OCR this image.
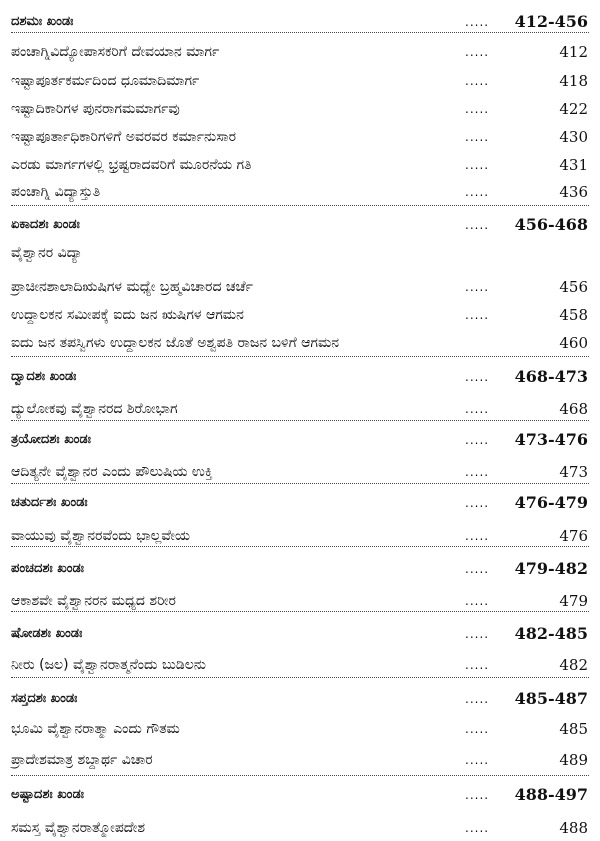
ದಶಮಃ ಖಂಡಃ	..... 412-456
ಪಂಚಾಗ್ನಿವಿದ್ಯೋಪಾಸಕರಿಗೆ ದೇವಯಾನ ಮಾರ್ಗ	.....	412
ಇಷ್ಟಾಪೂರ್ತಕರ್ಮದಿಂದ ಧೂಮಾದಿಮಾರ್ಗ	.....	418
ಇಷ್ಟಾದಿಕಾರಿಗಳ ಪುನರಾಗಮಮಾರ್ಗವು	.....	422
ಇಷ್ಟಾಪೂರ್ತಾಧಿಕಾರಿಗಳಿಗೆ ಅವರವರ ಕರ್ಮಾನುಸಾರ	.....	430
ಎರಡು ಮಾರ್ಗಗಳಲ್ಲಿ ಭ್ರಷ್ಟರಾದವರಿಗೆ ಮೂರನೆಯ ಗತಿ	.....	431
ಪಂಚಾಗ್ನಿ ವಿದ್ಯಾಸ್ತುತಿ	.....	436
ಏಕಾದಶಃ ಖಂಡಃ	..... 456-468
ವೈಶ್ವಾನರ ವಿದ್ಯಾ
ಪ್ರಾಚೀನಶಾಲಾದಿಋಷಿಗಳ ಮಧ್ಯೇ ಬ್ರಹ್ಮವಿಚಾರದ ಚರ್ಚೆ	.....	456
ಉದ್ದಾಲಕನ ಸಮೀಪಕ್ಕೆ ಐದು ಜನ ಋಷಿಗಳ ಆಗಮನ	.....	458
ಐದು ಜನ ತಪಸ್ವಿಗಳು ಉದ್ದಾಲಕನ ಜೊತೆ ಅಶ್ವಪತಿ ರಾಜನ ಬಳಿಗೆ ಆಗಮನ	460
ದ್ವಾದಶಃ ಖಂಡಃ	..... 468-473
ದ್ಯುಲೋಕವು ವೈಶ್ವಾನರದ ಶಿರೋಭಾಗ	.....	468
ತ್ರಯೋದಶಃ ಖಂಡಃ	..... 473-476
ಆದಿತ್ಯನೇ ವೈಶ್ವಾನರ ಎಂದು ಪೌಲುಷಿಯ ಉಕ್ತಿ	.....	473
ಚತುರ್ದಶಃ ಖಂಡಃ	..... 476-479
ವಾಯುವು ವೈಶ್ವಾನರವೆಂದು ಭಾಲ್ಲವೇಯ	.....	476
ಪಂಚದಶಃ ಖಂಡಃ	..... 479-482
ಆಕಾಶವೇ ವೈಶ್ವಾನರನ ಮಧ್ಯದ ಶರೀರ	.....	479
ಷೋಡಶಃ ಖಂಡಃ	..... 482-485
ನೀರು (ಜಲ) ವೈಶ್ವಾನರಾತ್ಮನೆಂದು ಬುಡಿಲನು	.....	482
ಸಪ್ತದಶಃ ಖಂಡಃ	..... 485-487
ಭೂಮಿ ವೈಶ್ವಾನರಾತ್ಮಾ ಎಂದು ಗೌತಮ	.....	485
ಪ್ರಾದೇಶಮಾತ್ರ ಶಬ್ದಾರ್ಥ ವಿಚಾರ	.....	489
ಅಷ್ಟಾದಶಃ ಖಂಡಃ	..... 488-497
ಸಮಸ್ತ ವೈಶ್ವಾನರಾತ್ಮೋಪದೇಶ	.....	488
